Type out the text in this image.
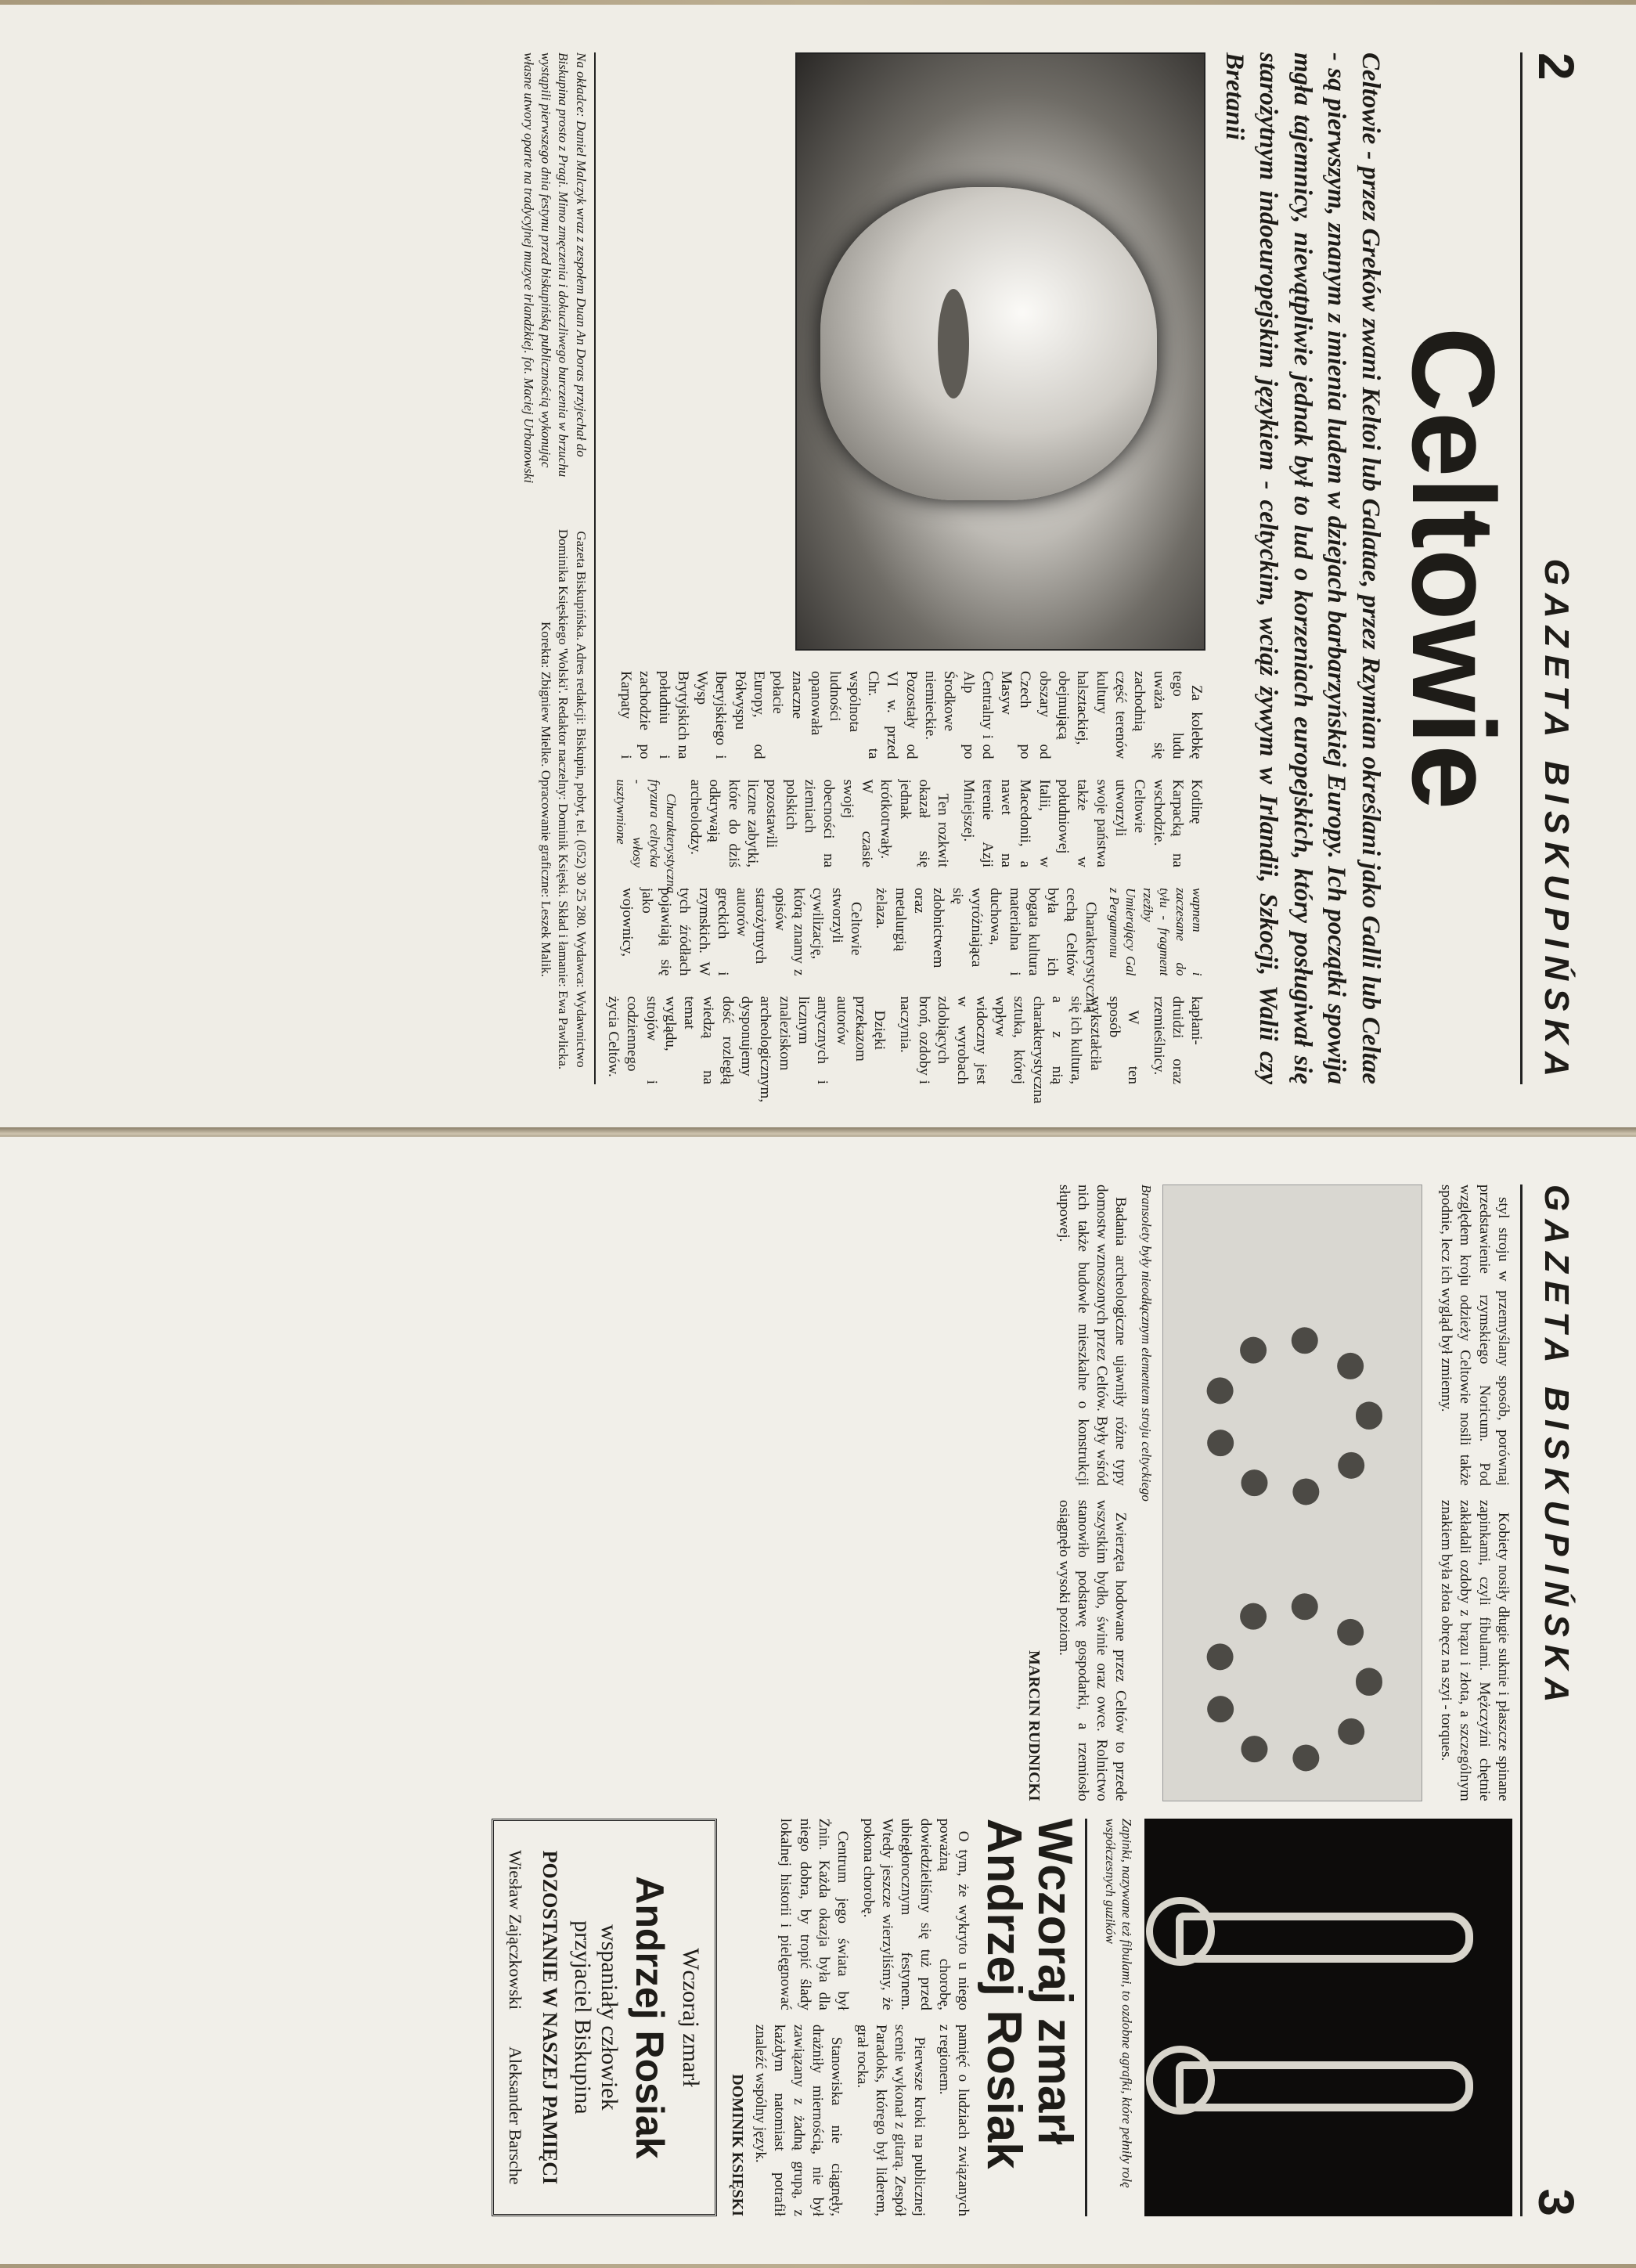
2
GAZETA BISKUPIŃSKA
Celtowie
Celtowie - przez Greków zwani Keltoi lub Galatae, przez Rzymian określani jako Galli lub Celtae - są pierwszym, znanym z imienia ludem w dziejach barbarzyńskiej Europy. Ich początki spowija mgła tajemnicy, niewątpliwie jednak był to lud o korzeniach europejskich, który posługiwał się starożytnym indoeuropejskim językiem - celtyckim, wciąż żywym w Irlandii, Szkocji, Walii czy Bretanii

Za kolebkę tego ludu uważa się zachodnią część terenów kultury halsztackiej, obejmującą obszary od Czech po Masyw Centralny i od Alp po Środkowe niemieckie. Pozostały od VI w. przed Chr. ta wspólnota ludności opanowała znaczne połacie Europy, od Półwyspu Iberyjskiego i Wysp Brytyjskich na południu i zachodzie po Karpaty i Kotlinę Karpacką na wschodzie. Celtowie utworzyli swoje państwa także w południowej Italii, w Macedonii, a nawet na terenie Azji Mniejszej.

Ten rozkwit okazał się jednak krótkotrwały. W czasie swojej obecności na ziemiach polskich pozostawili liczne zabytki, które do dziś odkrywają archeolodzy.

Charakterystyczna fryzura celtycka - włosy usztywnione wapnem i zaczesane do tyłu - fragment rzeźby Umierający Gal z Pergamonu

Charakterystyczną cechą Celtów była ich bogata kultura materialna i duchowa, wyróżniająca się zdobnictwem oraz metalurgią żelaza.

Celtowie stworzyli cywilizację, którą znamy z opisów starożytnych autorów greckich i rzymskich. W tych źródłach pojawiają się jako wojownicy, kapłani-druidzi oraz rzemieślnicy.

W ten sposób wykształciła się ich kultura, a z nią charakterystyczna sztuka, której wpływ widoczny jest w wyrobach zdobiących broń, ozdoby i naczynia.

Dzięki przekazom autorów antycznych i licznym znaleziskom archeologicznym, dysponujemy dość rozległą wiedzą na temat wyglądu, strojów i codziennego życia Celtów.

Na okładce: Daniel Malczyk wraz z zespołem Duan An Doras przyjechał do Biskupina prosto z Pragi. Mimo zmęczenia i dokuczliwego burczenia w brzuchu wystąpili pierwszego dnia festynu przed biskupińską publicznością wykonując własne utwory oparte na tradycyjnej muzyce irlandzkiej. fot. Maciej Urbanowski
Gazeta Biskupińska. Adres redakcji: Biskupin, pobyt, tel. (052) 30 25 280. Wydawca: Wydawnictwo Dominika Księskiego 'Wolski'. Redaktor naczelny: Dominik Księski. Skład i łamanie: Ewa Pawlicka. Korekta: Zbigniew Mielke. Opracowanie graficzne: Leszek Malik.
GAZETA BISKUPIŃSKA
3

styl stroju w przemyślany sposób, porównaj przedstawienie rzymskiego Noricum. Pod względem kroju odzieży Celtowie nosili także spodnie, lecz ich wygląd był zmienny.

Kobiety nosiły długie suknie i płaszcze spinane zapinkami, czyli fibulami. Mężczyźni chętnie zakładali ozdoby z brązu i złota, a szczególnym znakiem była złota obręcz na szyi - torques.

Bransolety były nieodłącznym elementem stroju celtyckiego

Badania archeologiczne ujawniły różne typy domostw wznoszonych przez Celtów. Były wśród nich także budowle mieszkalne o konstrukcji słupowej.

Zwierzęta hodowane przez Celtów to przede wszystkim bydło, świnie oraz owce. Rolnictwo stanowiło podstawę gospodarki, a rzemiosło osiągnęło wysoki poziom.

MARCIN RUDNICKI

Zapinki, nazywane też fibulami, to ozdobne agrafki, które pełniły rolę współczesnych guzików

Wczoraj zmarł Andrzej Rosiak

O tym, że wykryto u niego poważną chorobę, dowiedzieliśmy się tuż przed ubiegłorocznym festynem. Wtedy jeszcze wierzyliśmy, że pokona chorobę.

Centrum jego świata był Żnin. Każda okazja była dla niego dobra, by tropić ślady lokalnej historii i pielęgnować pamięć o ludziach związanych z regionem.

Pierwsze kroki na publicznej scenie wykonał z gitarą. Zespół Paradoks, którego był liderem, grał rocka.

Stanowiska nie ciągnęły, drażniły miernością, nie był zawiązany z żadną grupą, z każdym natomiast potrafił znaleźć wspólny język.

DOMINIK KSIĘSKI
Wczoraj zmarł
Andrzej Rosiak
wspaniały człowiek
przyjaciel Biskupina
POZOSTANIE W NASZEJ PAMIĘCI
Wiesław Zajączkowski
Aleksander Barsche
